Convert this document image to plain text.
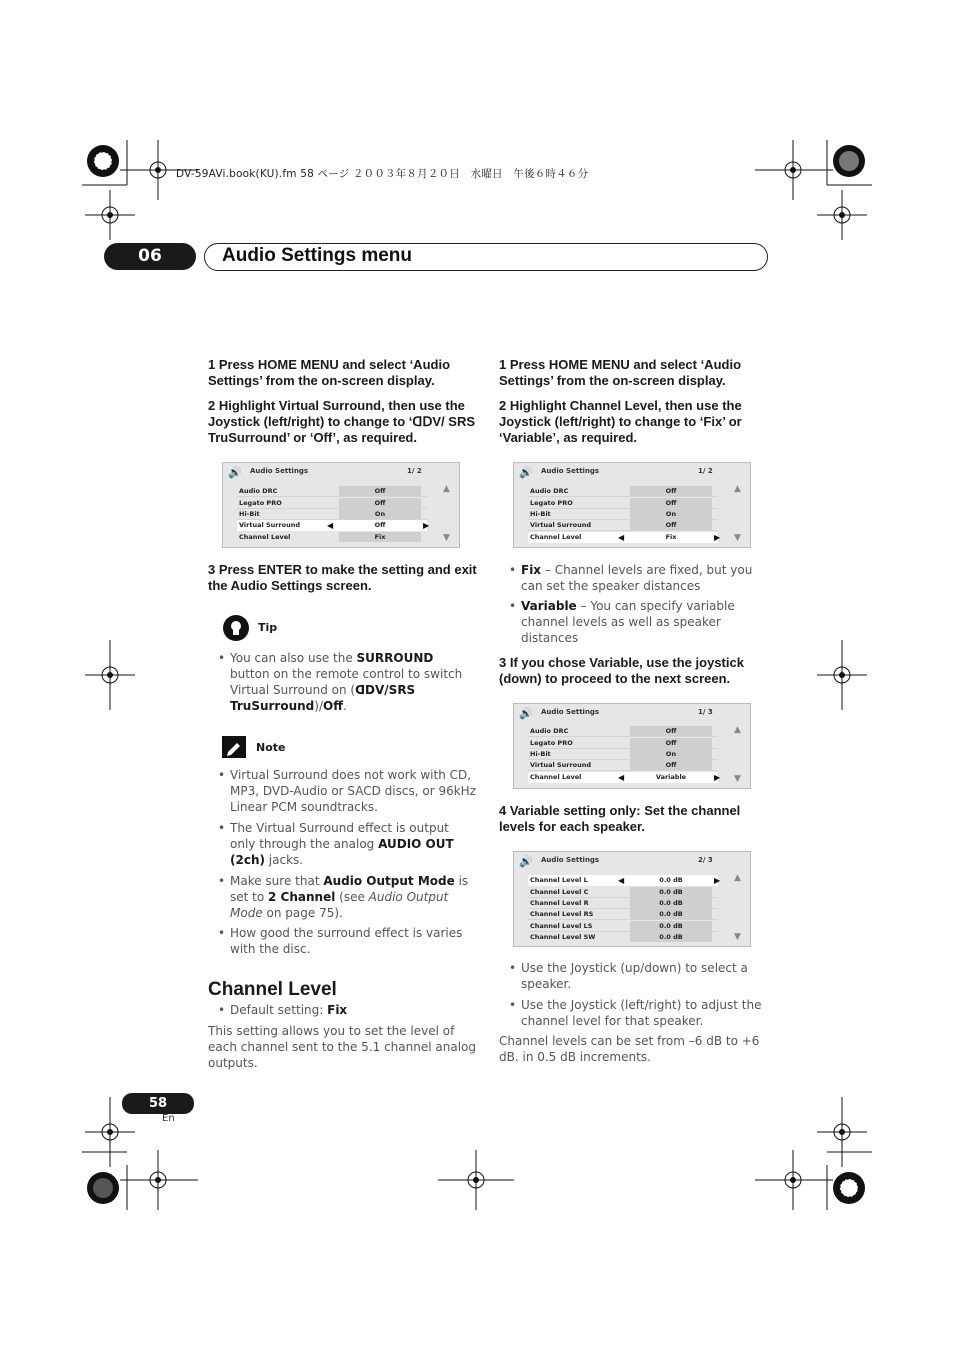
DV-59AVi.book(KU).fm 58 ページ ２００３年８月２０日　水曜日　午後６時４６分
06	Audio Settings menu
1 Press HOME MENU and select ‘Audio Settings’ from the on-screen display.
2 Highlight Virtual Surround, then use the Joystick (left/right) to change to ‘ᗡᗞV/ SRS TruSurround’ or ‘Off’, as required.
🔊 Audio Settings	1/ 2
Audio DRC	Off
Legato PRO	Off
Hi-Bit	On
Virtual Surround	◀	Off	▶
Channel Level	Fix
▲
▼
3 Press ENTER to make the setting and exit the Audio Settings screen.
Tip
• You can also use the SURROUND button on the remote control to switch Virtual Surround on (ᗡᗞV/SRS TruSurround)/Off.
Note
• Virtual Surround does not work with CD, MP3, DVD-Audio or SACD discs, or 96kHz Linear PCM soundtracks.
• The Virtual Surround effect is output only through the analog AUDIO OUT (2ch) jacks.
• Make sure that Audio Output Mode is set to 2 Channel (see Audio Output Mode on page 75).
• How good the surround effect is varies with the disc.
Channel Level
• Default setting: Fix
This setting allows you to set the level of each channel sent to the 5.1 channel analog outputs.
1 Press HOME MENU and select ‘Audio Settings’ from the on-screen display.
2 Highlight Channel Level, then use the Joystick (left/right) to change to ‘Fix’ or ‘Variable’, as required.
🔊 Audio Settings	1/ 2
Audio DRC	Off
Legato PRO	Off
Hi-Bit	On
Virtual Surround	Off
Channel Level	◀	Fix	▶
▲
▼
• Fix – Channel levels are fixed, but you can set the speaker distances
• Variable – You can specify variable channel levels as well as speaker distances
3 If you chose Variable, use the joystick (down) to proceed to the next screen.
🔊 Audio Settings	1/ 3
Audio DRC	Off
Legato PRO	Off
Hi-Bit	On
Virtual Surround	Off
Channel Level	◀	Variable	▶
▲
▼
4 Variable setting only: Set the channel levels for each speaker.
🔊 Audio Settings	2/ 3
Channel Level L	◀	0.0 dB	▶
Channel Level C	0.0 dB
Channel Level R	0.0 dB
Channel Level RS	0.0 dB
Channel Level LS	0.0 dB
Channel Level SW	0.0 dB
▲
▼
• Use the Joystick (up/down) to select a speaker.
• Use the Joystick (left/right) to adjust the channel level for that speaker.
Channel levels can be set from –6 dB to +6 dB. in 0.5 dB increments.
58
En
